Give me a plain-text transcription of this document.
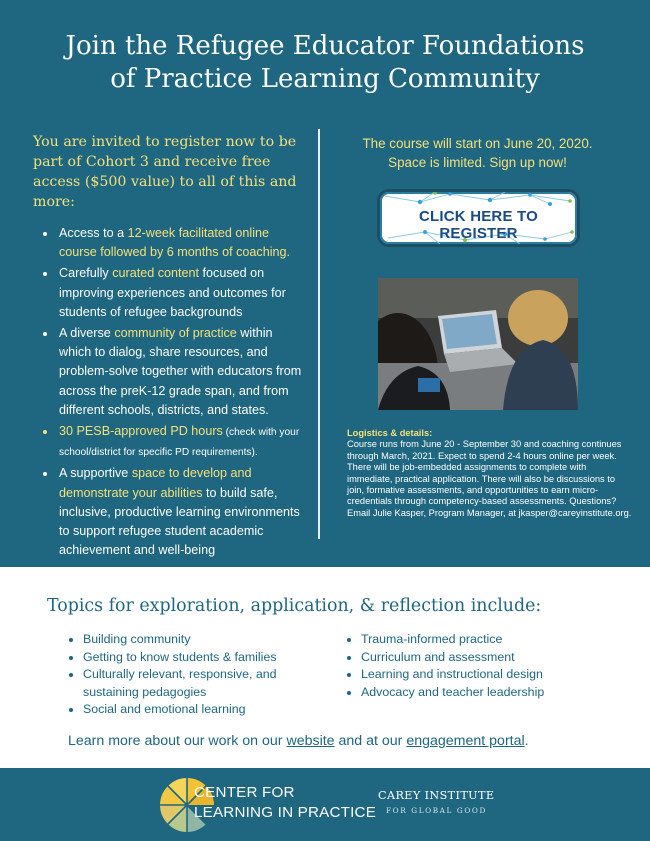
Join the Refugee Educator Foundations
of Practice Learning Community

You are invited to register now to be part of Cohort 3 and receive free access ($500 value) to all of this and more:

• Access to a 12-week facilitated online course followed by 6 months of coaching.
• Carefully curated content focused on improving experiences and outcomes for students of refugee backgrounds
• A diverse community of practice within which to dialog, share resources, and problem-solve together with educators from across the preK-12 grade span, and from different schools, districts, and states.
• 30 PESB-approved PD hours (check with your school/district for specific PD requirements).
• A supportive space to develop and demonstrate your abilities to build safe, inclusive, productive learning environments to support refugee student academic achievement and well-being
The course will start on June 20, 2020.
Space is limited. Sign up now!
CLICK HERE TO REGISTER
Logistics & details:
Course runs from June 20 - September 30 and coaching continues through March, 2021. Expect to spend 2-4 hours online per week. There will be job-embedded assignments to complete with immediate, practical application. There will also be discussions to join, formative assessments, and opportunities to earn micro-credentials through competency-based assessments. Questions? Email Julie Kasper, Program Manager, at jkasper@careyinstitute.org.
Topics for exploration, application, & reflection include:
• Building community
• Getting to know students & families
• Culturally relevant, responsive, and sustaining pedagogies
• Social and emotional learning
• Trauma-informed practice
• Curriculum and assessment
• Learning and instructional design
• Advocacy and teacher leadership
Learn more about our work on our website and at our engagement portal.
CENTER FOR
LEARNING IN PRACTICE
CAREY INSTITUTE
FOR GLOBAL GOOD
